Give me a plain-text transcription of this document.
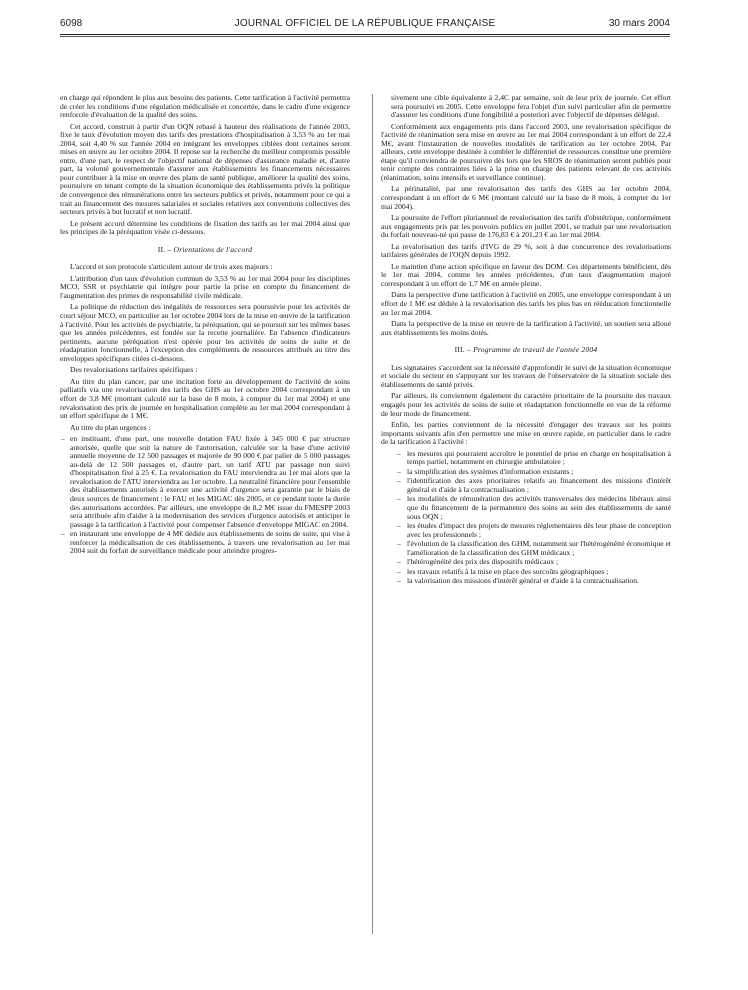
6098	JOURNAL OFFICIEL DE LA RÉPUBLIQUE FRANÇAISE	30 mars 2004

en charge qui répondent le plus aux besoins des patients. Cette tarification à l'activité permettra de créer les conditions d'une régulation médicalisée et concertée, dans le cadre d'une exigence renforcée d'évaluation de la qualité des soins.

Cet accord, construit à partir d'un OQN rebasé à hauteur des réalisations de l'année 2003, fixe le taux d'évolution moyen des tarifs des prestations d'hospitalisation à 3,53 % au 1er mai 2004, soit 4,40 % sur l'année 2004 en intégrant les enveloppes ciblées dont certaines seront mises en œuvre au 1er octobre 2004. Il repose sur la recherche du meilleur compromis possible entre, d'une part, le respect de l'objectif national de dépenses d'assurance maladie et, d'autre part, la volonté gouvernementale d'assurer aux établissements les financements nécessaires pour contribuer à la mise en œuvre des plans de santé publique, améliorer la qualité des soins, poursuivre en tenant compte de la situation économique des établissements privés la politique de convergence des rémunérations entre les secteurs publics et privés, notamment pour ce qui a trait au financement des mesures salariales et sociales relatives aux conventions collectives des secteurs privés à but lucratif et non lucratif.

Le présent accord détermine les conditions de fixation des tarifs au 1er mai 2004 ainsi que les principes de la péréquation visée ci-dessous.

II. – Orientations de l'accord

L'accord et son protocole s'articulent autour de trois axes majeurs :

L'attribution d'un taux d'évolution commun de 3,53 % au 1er mai 2004 pour les disciplines MCO, SSR et psychiatrie qui intègre pour partie la prise en compte du financement de l'augmentation des primes de responsabilité civile médicale.

La politique de réduction des inégalités de ressources sera poursuivie pour les activités de court séjour MCO, en particulier au 1er octobre 2004 lors de la mise en œuvre de la tarification à l'activité. Pour les activités de psychiatrie, la péréquation, qui se poursuit sur les mêmes bases que les années précédentes, est fondée sur la recette journalière. En l'absence d'indicateurs pertinents, aucune péréquation n'est opérée pour les activités de soins de suite et de réadaptation fonctionnelle, à l'exception des compléments de ressources attribués au titre des enveloppes spécifiques citées ci-dessous.

Des revalorisations tarifaires spécifiques :

Au titre du plan cancer, par une incitation forte au développement de l'activité de soins palliatifs via une revalorisation des tarifs des GHS au 1er octobre 2004 correspondant à un effort de 3,8 M€ (montant calculé sur la base de 8 mois, à compter du 1er mai 2004) et une revalorisation des prix de journée en hospitalisation complète au 1er mai 2004 correspondant à un effort spécifique de 1 M€.

Au titre du plan urgences :

– en instituant, d'une part, une nouvelle dotation FAU fixée à 345 000 € par structure autorisée, quelle que soit la nature de l'autorisation, calculée sur la base d'une activité annuelle moyenne de 12 500 passages et majorée de 90 000 € par palier de 5 000 passages au-delà de 12 500 passages et, d'autre part, un tarif ATU par passage non suivi d'hospitalisation fixé à 25 €. La revalorisation du FAU interviendra au 1er mai alors que la revalorisation de l'ATU interviendra au 1er octobre. La neutralité financière pour l'ensemble des établissements autorisés à exercer une activité d'urgence sera garantie par le biais de deux sources de financement : le FAU et les MIGAC dès 2005, et ce pendant toute la durée des autorisations accordées. Par ailleurs, une enveloppe de 8,2 M€ issue du FMESPP 2003 sera attribuée afin d'aider à la modernisation des services d'urgence autorisés et anticiper le passage à la tarification à l'activité pour compenser l'absence d'enveloppe MIGAC en 2004.
– en instaurant une enveloppe de 4 M€ dédiée aux établissements de soins de suite, qui vise à renforcer la médicalisation de ces établissements, à travers une revalorisation au 1er mai 2004 suit du forfait de surveillance médicale pour atteindre progres-

sivement une cible équivalente à 2,4C par semaine, soit de leur prix de journée. Cet effort sera poursuivi en 2005. Cette enveloppe fera l'objet d'un suivi particulier afin de permettre d'assurer les conditions d'une fongibilité a posteriori avec l'objectif de dépenses délégué.

Conformément aux engagements pris dans l'accord 2003, une revalorisation spécifique de l'activité de réanimation sera mise en œuvre au 1er mai 2004 correspondant à un effort de 22,4 M€, avant l'instauration de nouvelles modalités de tarification au 1er octobre 2004. Par ailleurs, cette enveloppe destinée à combler le différentiel de ressources constitue une première étape qu'il conviendra de poursuivre dès lors que les SROS de réanimation seront publiés pour tenir compte des contraintes liées à la prise en charge des patients relevant de ces activités (réanimation, soins intensifs et surveillance continue).

La périnatalité, par une revalorisation des tarifs des GHS au 1er octobre 2004, correspondant à un effort de 6 M€ (montant calculé sur la base de 8 mois, à compter du 1er mai 2004).

La poursuite de l'effort pluriannuel de revalorisation des tarifs d'obstétrique, conformément aux engagements pris par les pouvoirs publics en juillet 2001, se traduit par une revalorisation du forfait nouveau-né qui passe de 176,83 € à 201,23 € au 1er mai 2004.

La revalorisation des tarifs d'IVG de 29 %, soit à due concurrence des revalorisations tarifaires générales de l'OQN depuis 1992.

Le maintien d'une action spécifique en faveur des DOM. Ces départements bénéficient, dès le 1er mai 2004, comme les années précédentes, d'un taux d'augmentation majoré correspondant à un effort de 1,7 M€ en année pleine.

Dans la perspective d'une tarification à l'activité en 2005, une enveloppe correspondant à un effort de 1 M€ est dédiée à la revalorisation des tarifs les plus bas en rééducation fonctionnelle au 1er mai 2004.

Dans la perspective de la mise en œuvre de la tarification à l'activité, un soutien sera alloué aux établissements les moins dotés.

III. – Programme de travail de l'année 2004

Les signataires s'accordent sur la nécessité d'approfondir le suivi de la situation économique et sociale du secteur en s'appuyant sur les travaux de l'observatoire de la situation sociale des établissements de santé privés.

Par ailleurs, ils conviennent également du caractère prioritaire de la poursuite des travaux engagés pour les activités de soins de suite et réadaptation fonctionnelle en vue de la réforme de leur mode de financement.

Enfin, les parties conviennent de la nécessité d'engager des travaux sur les points importants suivants afin d'en permettre une mise en œuvre rapide, en particulier dans le cadre de la tarification à l'activité :

– les mesures qui pourraient accroître le potentiel de prise en charge en hospitalisation à temps partiel, notamment en chirurgie ambulatoire ;
– la simplification des systèmes d'information existants ;
– l'identification des axes prioritaires relatifs au financement des missions d'intérêt général et d'aide à la contractualisation ;
– les modalités de rémunération des activités transversales des médecins libéraux ainsi que du financement de la permanence des soins au sein des établissements de santé sous OQN ;
– les études d'impact des projets de mesures réglementaires dès leur phase de conception avec les professionnels ;
– l'évolution de la classification des GHM, notamment sur l'hétérogénéité économique et l'amélioration de la classification des GHM médicaux ;
– l'hétérogénéité des prix des dispositifs médicaux ;
– les travaux relatifs à la mise en place des surcoûts géographiques ;
– la valorisation des missions d'intérêt général et d'aide à la contractualisation.
